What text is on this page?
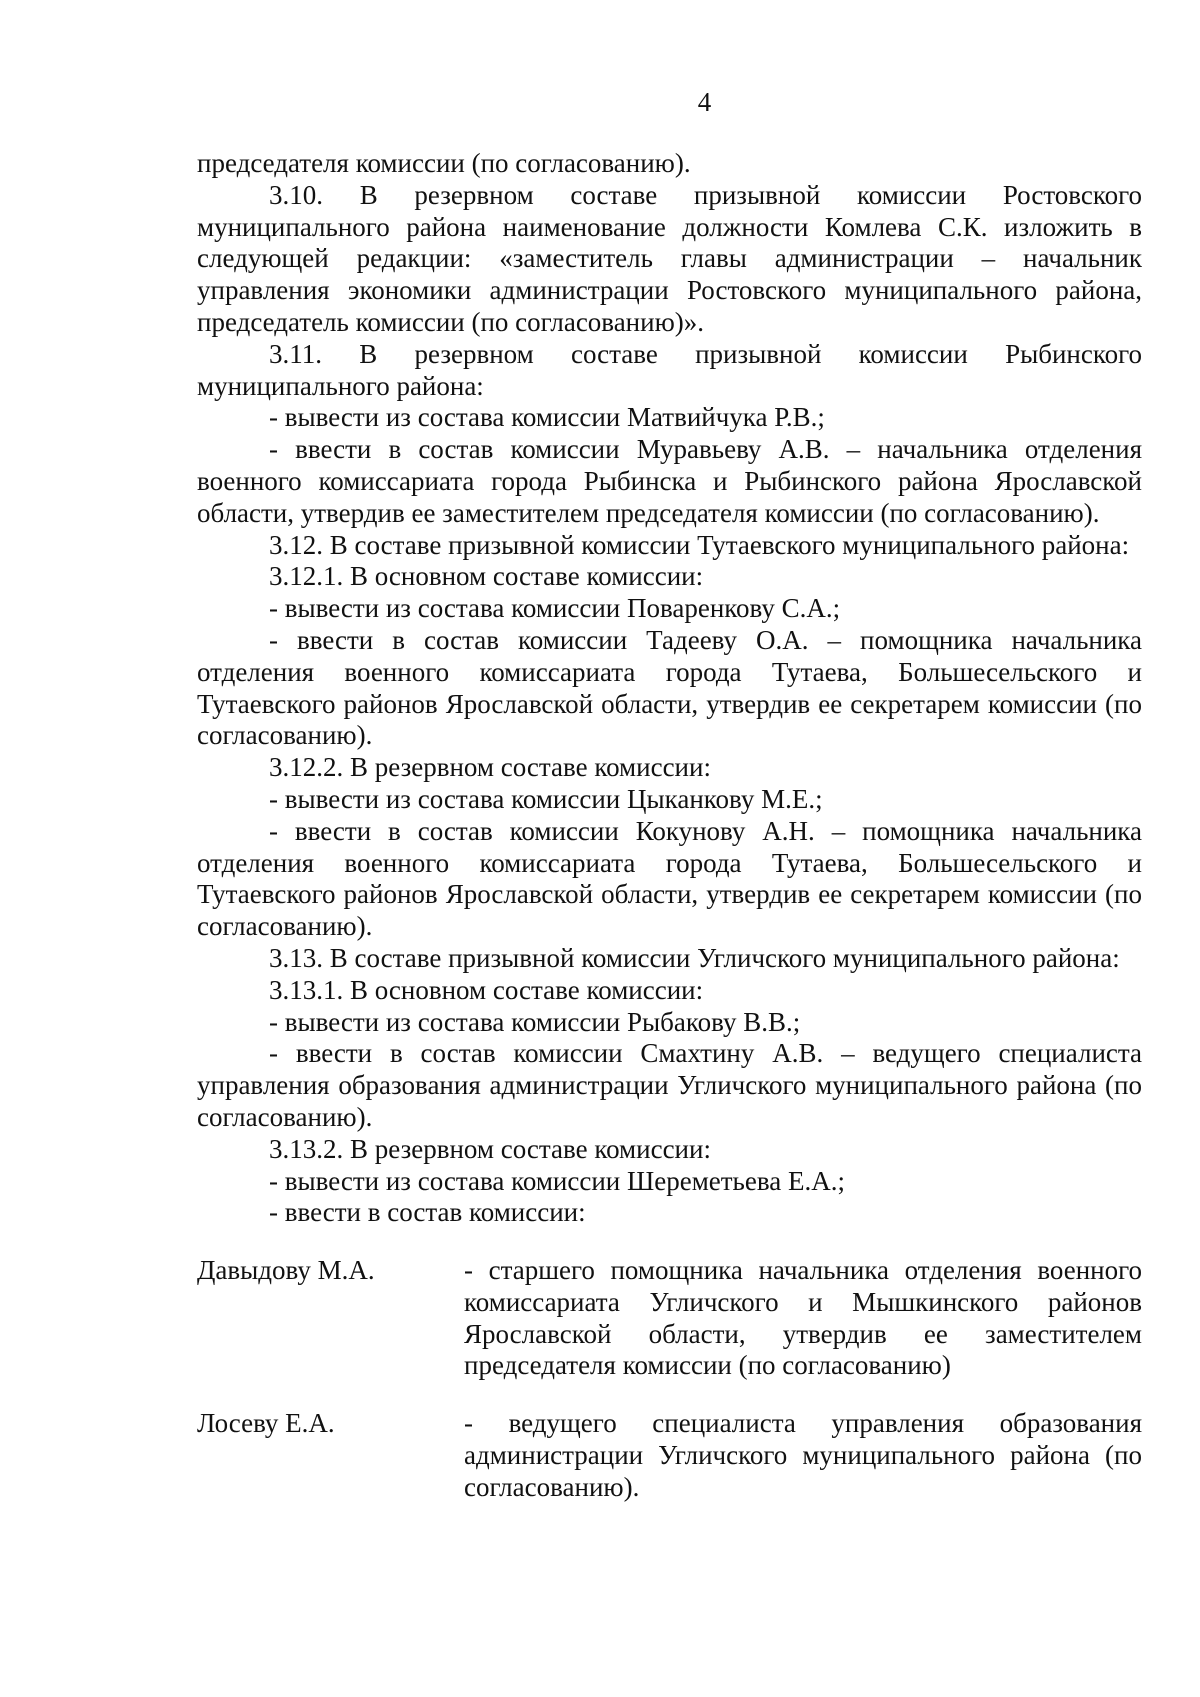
4

председателя комиссии (по согласованию).

3.10. В резервном составе призывной комиссии Ростовского муниципального района наименование должности Комлева С.К. изложить в следующей редакции: «заместитель главы администрации – начальник управления экономики администрации Ростовского муниципального района, председатель комиссии (по согласованию)».

3.11. В резервном составе призывной комиссии Рыбинского муниципального района:

- вывести из состава комиссии Матвийчука Р.В.;

- ввести в состав комиссии Муравьеву А.В. – начальника отделения военного комиссариата города Рыбинска и Рыбинского района Ярославской области, утвердив ее заместителем председателя комиссии (по согласованию).

3.12. В составе призывной комиссии Тутаевского муниципального района:

3.12.1. В основном составе комиссии:

- вывести из состава комиссии Поваренкову С.А.;

- ввести в состав комиссии Тадееву О.А. – помощника начальника отделения военного комиссариата города Тутаева, Большесельского и Тутаевского районов Ярославской области, утвердив ее секретарем комиссии (по согласованию).

3.12.2. В резервном составе комиссии:

- вывести из состава комиссии Цыканкову М.Е.;

- ввести в состав комиссии Кокунову А.Н. – помощника начальника отделения военного комиссариата города Тутаева, Большесельского и Тутаевского районов Ярославской области, утвердив ее секретарем комиссии (по согласованию).

3.13. В составе призывной комиссии Угличского муниципального района:

3.13.1. В основном составе комиссии:

- вывести из состава комиссии Рыбакову В.В.;

- ввести в состав комиссии Смахтину А.В. – ведущего специалиста управления образования администрации Угличского муниципального района (по согласованию).

3.13.2. В резервном составе комиссии:

- вывести из состава комиссии Шереметьева Е.А.;

- ввести в состав комиссии:

Давыдову М.А.	- старшего помощника начальника отделения военного комиссариата Угличского и Мышкинского районов Ярославской области, утвердив ее заместителем председателя комиссии (по согласованию)
Лосеву Е.А.	- ведущего специалиста управления образования администрации Угличского муниципального района (по согласованию).
